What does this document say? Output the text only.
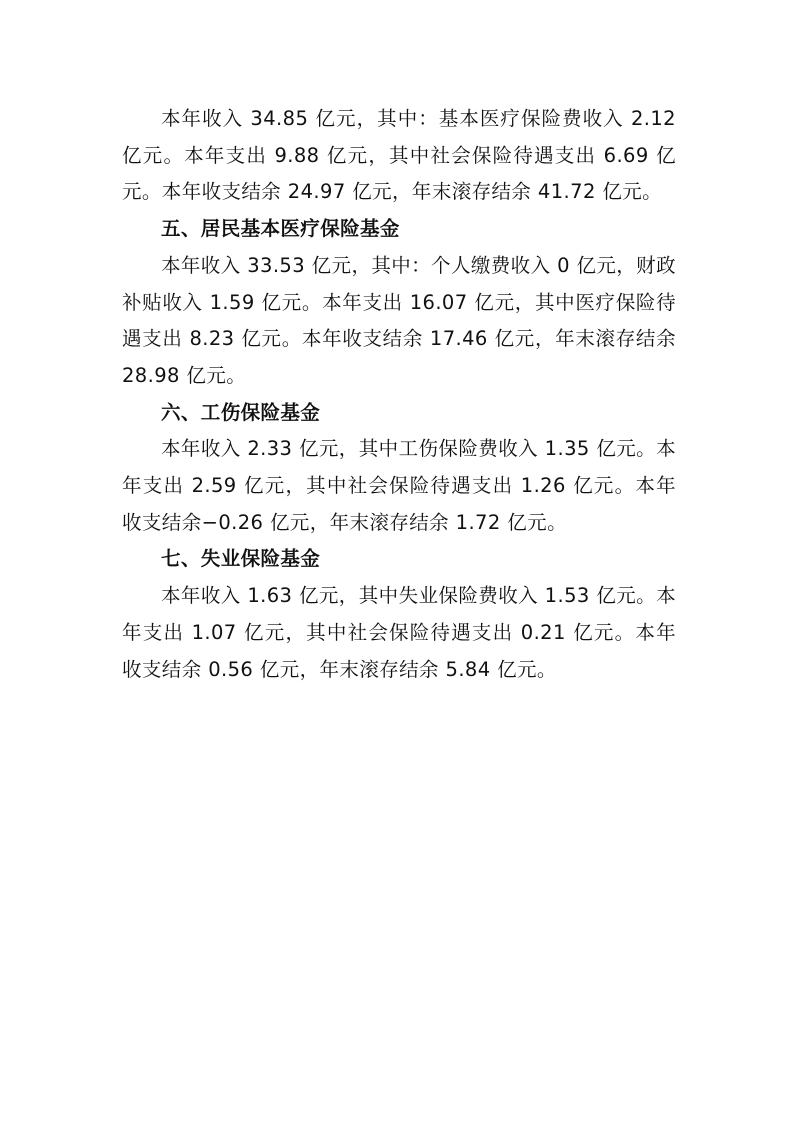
本年收入 34.85 亿元，其中：基本医疗保险费收入 2.12 亿元。本年支出 9.88 亿元，其中社会保险待遇支出 6.69 亿元。本年收支结余 24.97 亿元，年末滚存结余 41.72 亿元。

五、居民基本医疗保险基金

本年收入 33.53 亿元，其中：个人缴费收入 0 亿元，财政补贴收入 1.59 亿元。本年支出 16.07 亿元，其中医疗保险待遇支出 8.23 亿元。本年收支结余 17.46 亿元，年末滚存结余 28.98 亿元。

六、工伤保险基金

本年收入 2.33 亿元，其中工伤保险费收入 1.35 亿元。本年支出 2.59 亿元，其中社会保险待遇支出 1.26 亿元。本年收支结余−0.26 亿元，年末滚存结余 1.72 亿元。

七、失业保险基金

本年收入 1.63 亿元，其中失业保险费收入 1.53 亿元。本年支出 1.07 亿元，其中社会保险待遇支出 0.21 亿元。本年收支结余 0.56 亿元，年末滚存结余 5.84 亿元。
